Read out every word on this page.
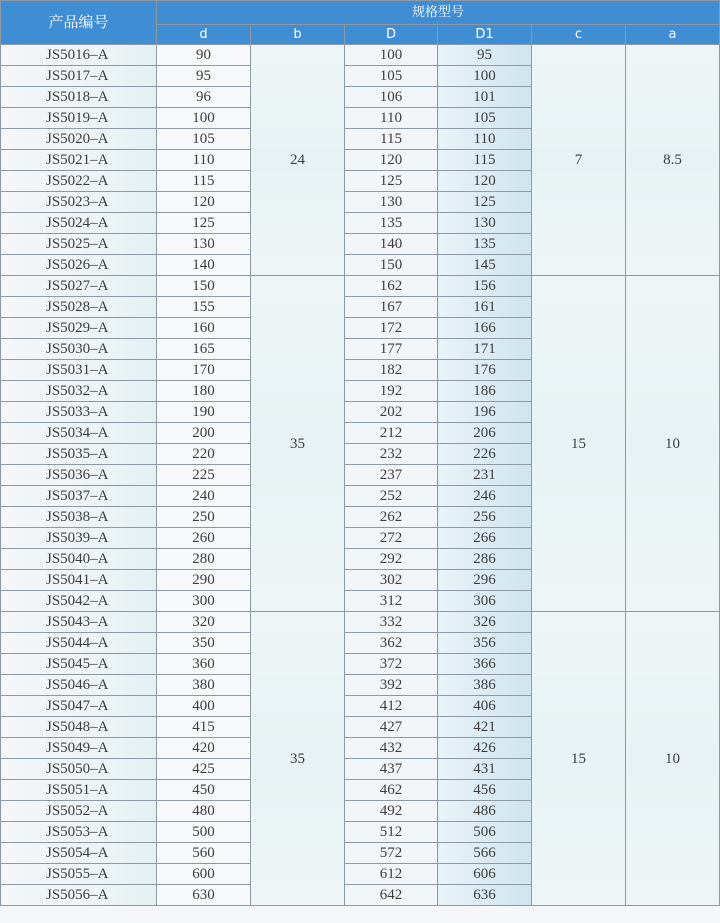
产品编号	规格型号					
	d	b	D	D1	c	a
JS5016–A	90	24	100	95	7	8.5
JS5017–A	95		105	100		
JS5018–A	96		106	101		
JS5019–A	100		110	105		
JS5020–A	105		115	110		
JS5021–A	110		120	115		
JS5022–A	115		125	120		
JS5023–A	120		130	125		
JS5024–A	125		135	130		
JS5025–A	130		140	135		
JS5026–A	140		150	145		
JS5027–A	150	35	162	156	15	10
JS5028–A	155		167	161		
JS5029–A	160		172	166		
JS5030–A	165		177	171		
JS5031–A	170		182	176		
JS5032–A	180		192	186		
JS5033–A	190		202	196		
JS5034–A	200		212	206		
JS5035–A	220		232	226		
JS5036–A	225		237	231		
JS5037–A	240		252	246		
JS5038–A	250		262	256		
JS5039–A	260		272	266		
JS5040–A	280		292	286		
JS5041–A	290		302	296		
JS5042–A	300		312	306		
JS5043–A	320	35	332	326	15	10
JS5044–A	350		362	356		
JS5045–A	360		372	366		
JS5046–A	380		392	386		
JS5047–A	400		412	406		
JS5048–A	415		427	421		
JS5049–A	420		432	426		
JS5050–A	425		437	431		
JS5051–A	450		462	456		
JS5052–A	480		492	486		
JS5053–A	500		512	506		
JS5054–A	560		572	566		
JS5055–A	600		612	606		
JS5056–A	630		642	636		
